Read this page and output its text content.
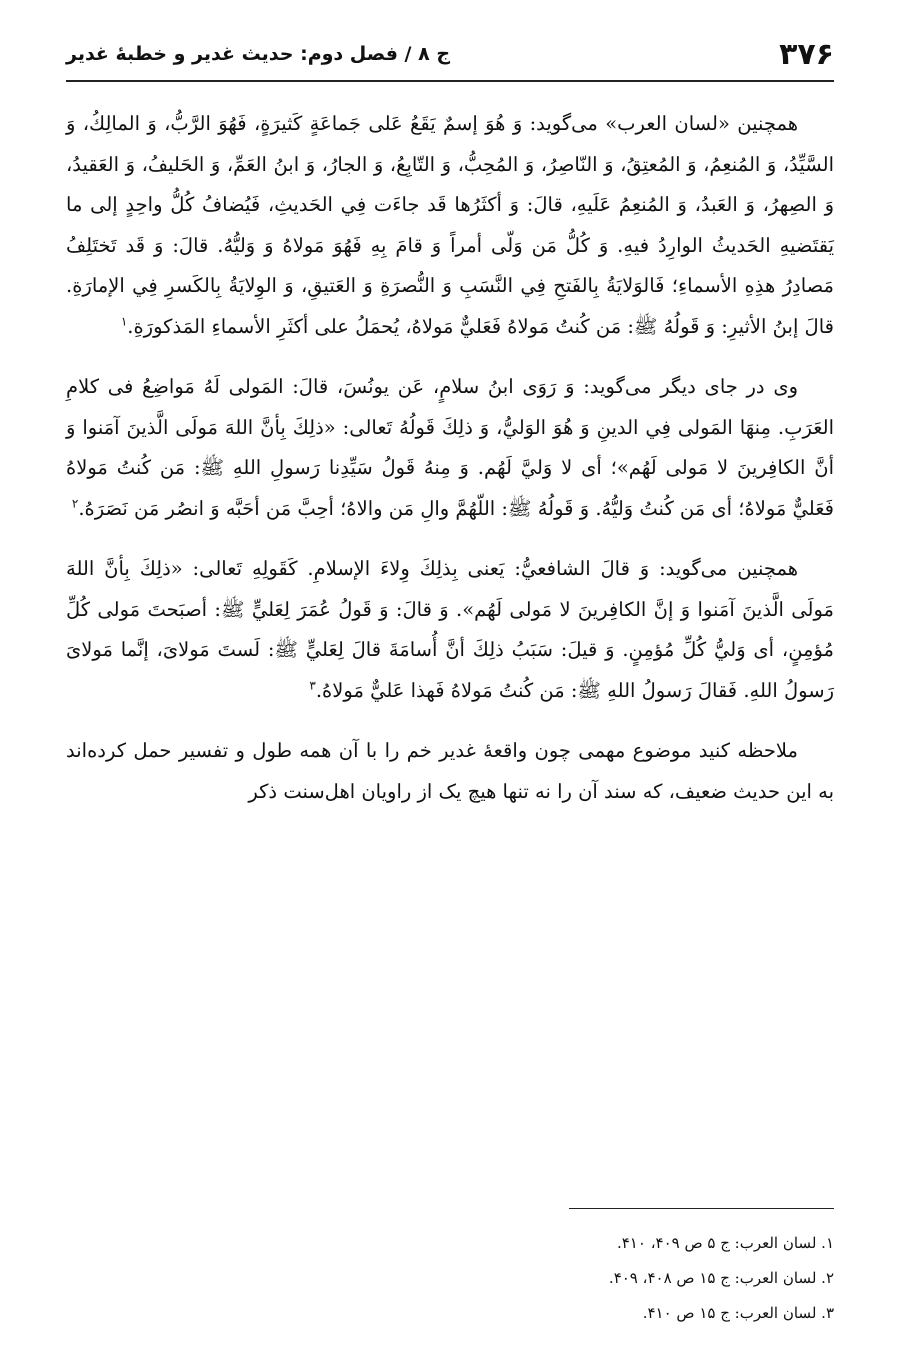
۳۷۶
ج ۸ / فصل دوم: حدیث غدیر و خطبهٔ غدیر

همچنین «لسان العرب» می‌گوید: وَ هُوَ إسمٌ يَقَعُ عَلى جَماعَةٍ كَثيرَةٍ، فَهُوَ الرَّبُّ، وَ المالِكُ، وَ السَّيِّدُ، وَ المُنعِمُ، وَ المُعتِقُ، وَ النّاصِرُ، وَ المُحِبُّ، وَ التّابِعُ، وَ الجارُ، وَ ابنُ العَمِّ، وَ الحَليفُ، وَ العَقيدُ، وَ الصِهرُ، وَ العَبدُ، وَ المُنعِمُ عَلَيهِ، قالَ: وَ أكثَرُها قَد جاءَت فِي الحَديثِ، فَيُضافُ كُلُّ واحِدٍ إلى ما يَقتَضيهِ الحَديثُ الوارِدُ فيهِ. وَ كُلُّ مَن وَلّى أمراً وَ قامَ بِهِ فَهُوَ مَولاهُ وَ وَليُّهُ. قالَ: وَ قَد تَختَلِفُ مَصادِرُ هذِهِ الأسماءِ؛ فَالوَلايَةُ بِالفَتحِ فِي النَّسَبِ وَ النُّصرَةِ وَ العَتيقِ، وَ الوِلايَةُ بِالكَسرِ فِي الإمارَةِ. قالَ إبنُ الأثيرِ: وَ قَولُهُ ﷺ: مَن كُنتُ مَولاهُ فَعَليٌّ مَولاهُ، يُحمَلُ على أكثَرِ الأسماءِ المَذكورَةِ.$^۱$

وی در جای دیگر می‌گوید: وَ رَوَى ابنُ سلامٍ، عَن يونُسَ، قالَ: المَولى لَهُ مَواضِعُ فى كلامِ العَرَبِ. مِنهَا المَولى فِي الدينِ وَ هُوَ الوَليُّ، وَ ذلِكَ قَولُهُ تَعالى: «ذلِكَ بِأنَّ اللهَ مَولَى الَّذينَ آمَنوا وَ أنَّ الكافِرينَ لا مَولى لَهُم»؛ أى لا وَليَّ لَهُم. وَ مِنهُ قَولُ سَيِّدِنا رَسولِ اللهِ ﷺ: مَن كُنتُ مَولاهُ فَعَليٌّ مَولاهُ؛ أى مَن كُنتُ وَليُّهُ. وَ قَولُهُ ﷺ: اللّهُمَّ والِ مَن والاهُ؛ أحِبَّ مَن أحَبَّه وَ انصُر مَن نَصَرَهُ.$^۲$

همچنین می‌گوید: وَ قالَ الشافعيُّ: يَعنى بِذلِكَ وِلاءَ الإسلامِ. كَقَولِهِ تَعالى: «ذلِكَ بِأنَّ اللهَ مَولَى الَّذينَ آمَنوا وَ إنَّ الكافِرينَ لا مَولى لَهُم». وَ قالَ: وَ قَولُ عُمَرَ لِعَليٍّ ﷺ: أصبَحتَ مَولى كُلِّ مُؤمِنٍ، أى وَليُّ كُلِّ مُؤمِنٍ. وَ قيلَ: سَبَبُ ذلِكَ أنَّ أُسامَةَ قالَ لِعَليٍّ ﷺ: لَستَ مَولاىَ، إنَّما مَولاىَ رَسولُ اللهِ. فَقالَ رَسولُ اللهِ ﷺ: مَن كُنتُ مَولاهُ فَهذا عَليٌّ مَولاهُ.$^۳$

ملاحظه کنید موضوع مهمی چون واقعهٔ غدیر خم را با آن همه طول و تفسیر حمل کرده‌اند به این حدیث ضعیف، که سند آن را نه تنها هیچ یک از راویان اهل‌سنت ذکر

۱. لسان العرب: ج ۵ ص ۴۰۹، ۴۱۰.
۲. لسان العرب: ج ۱۵ ص ۴۰۸، ۴۰۹.
۳. لسان العرب: ج ۱۵ ص ۴۱۰.
